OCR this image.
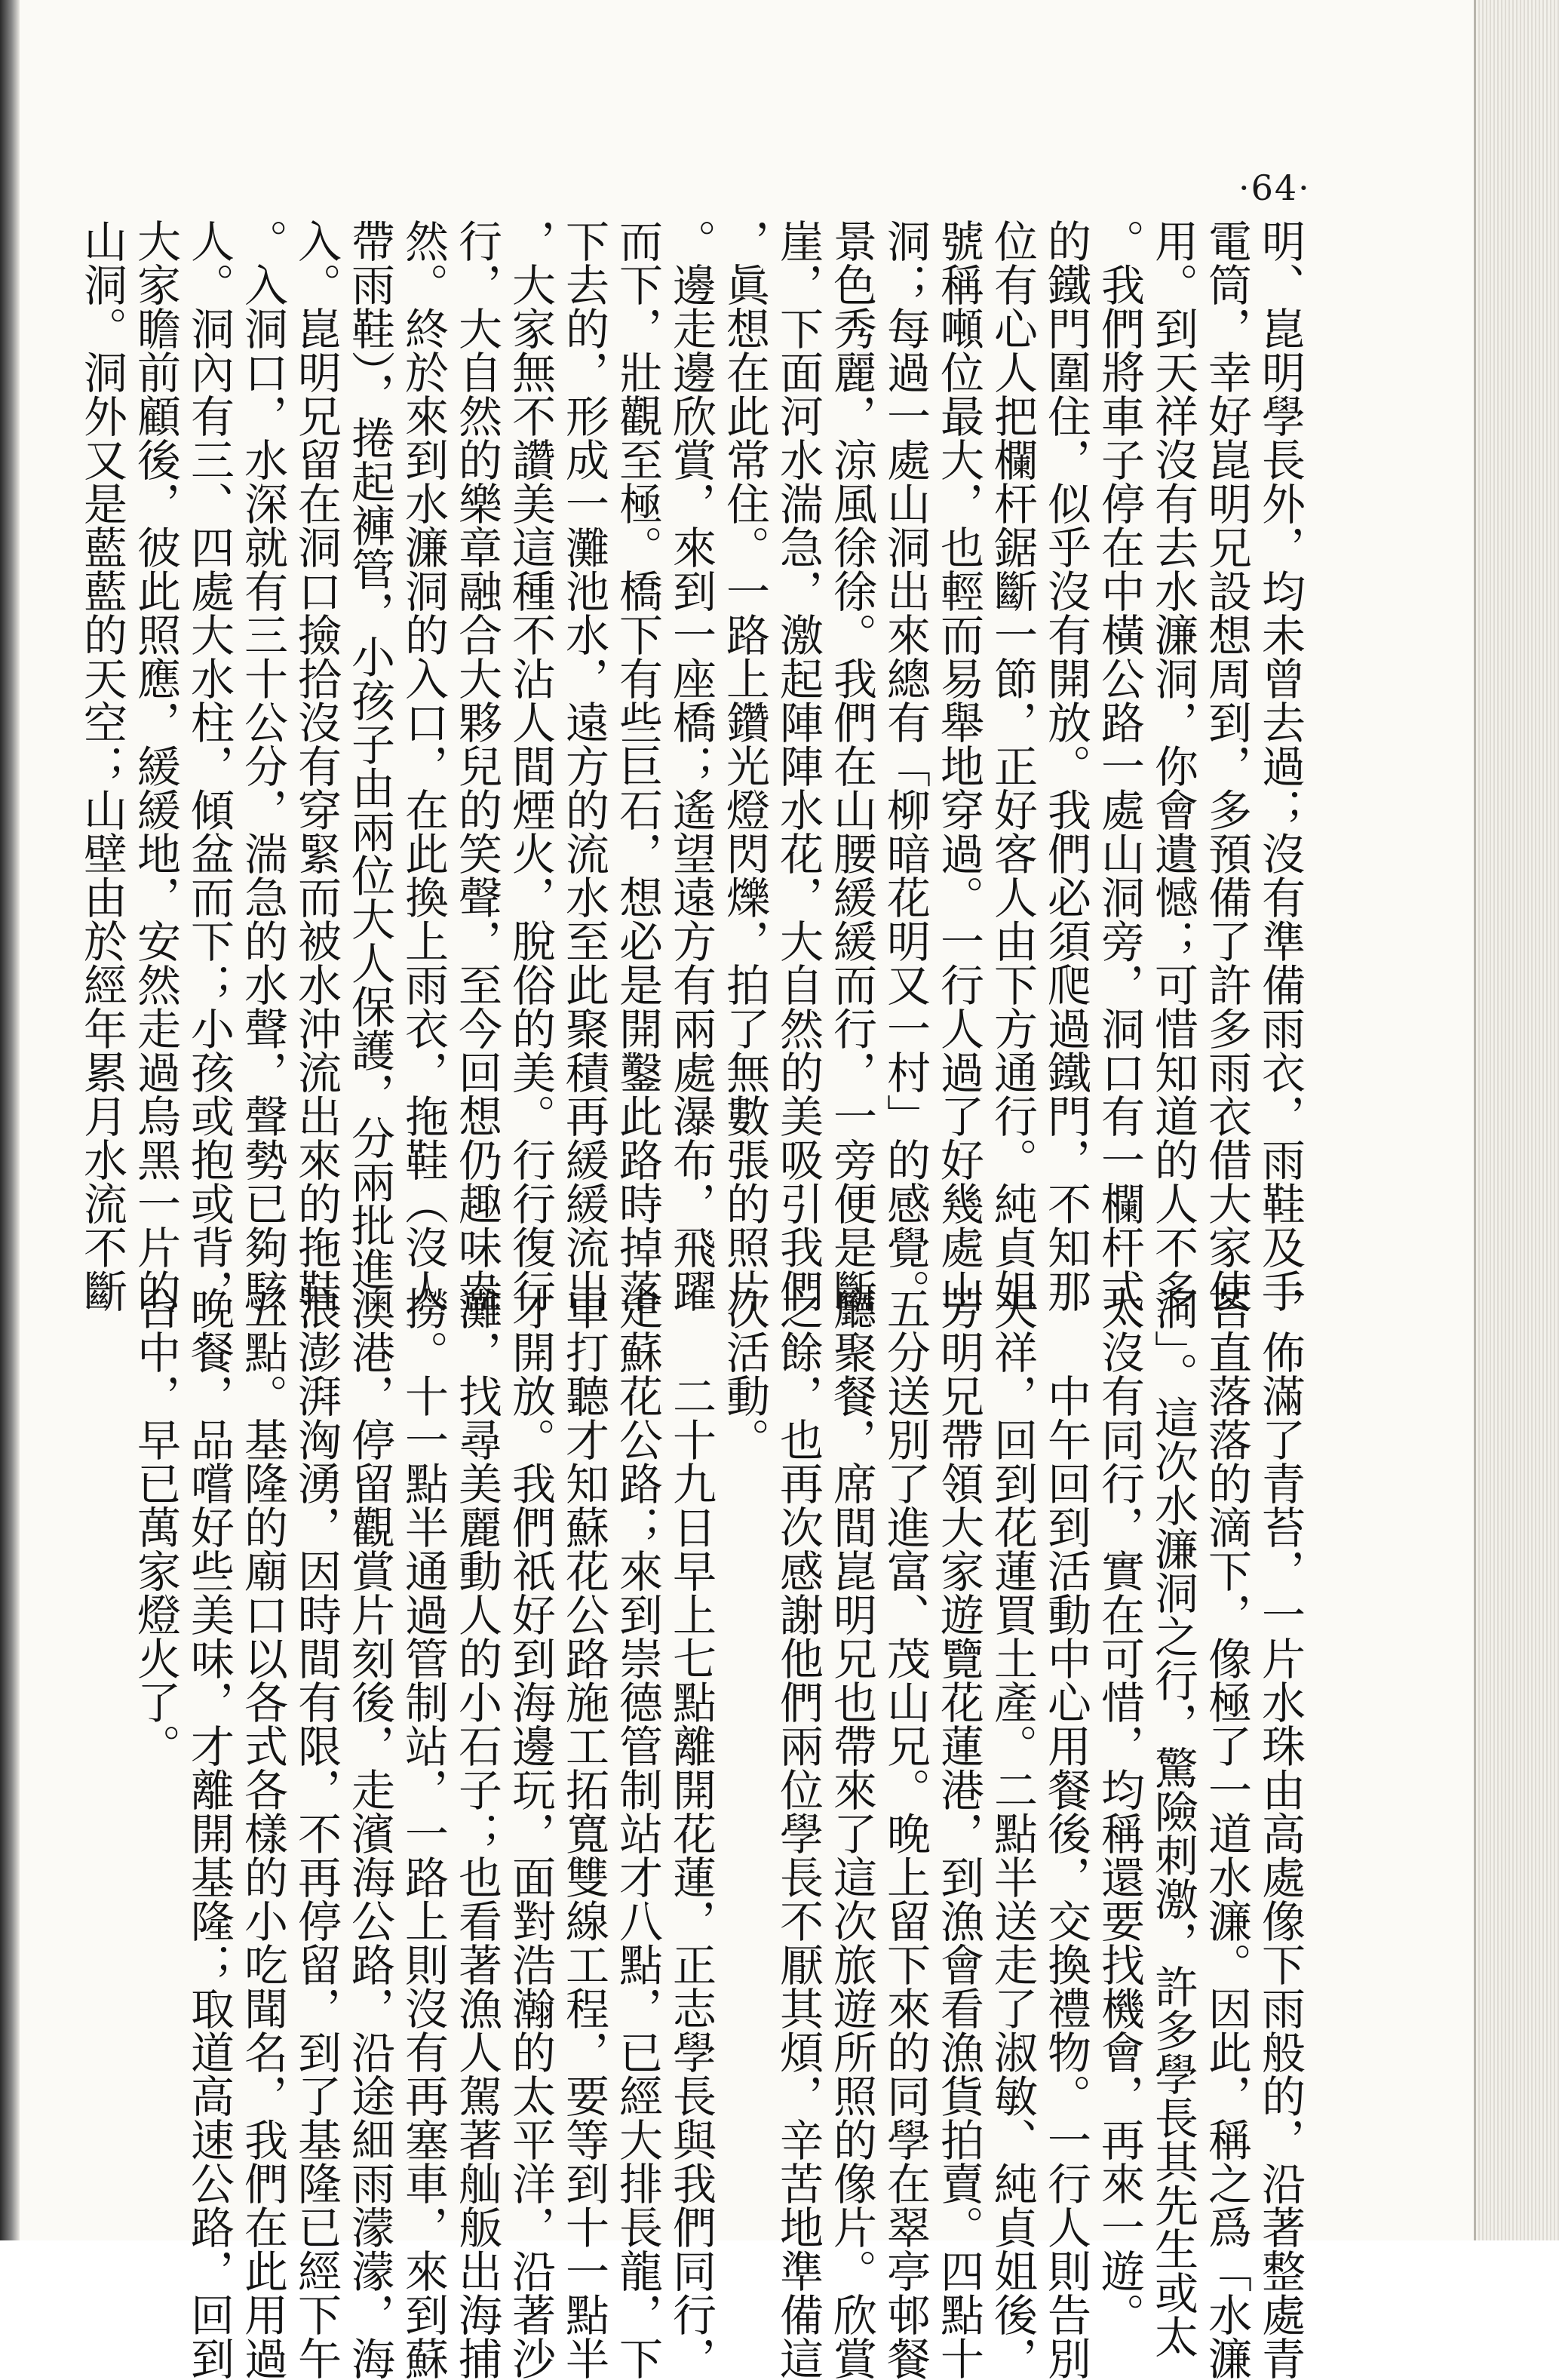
·64·
明、崑明學長外，均未曾去過；沒有準備雨衣，雨鞋及手
電筒，幸好崑明兄設想周到，多預備了許多雨衣借大家使
用。到天祥沒有去水濂洞，你會遺憾；可惜知道的人不多
。我們將車子停在中橫公路一處山洞旁，洞口有一欄杆式
的鐵門圍住，似乎沒有開放。我們必須爬過鐵門，不知那
位有心人把欄杆鋸斷一節，正好客人由下方通行。純貞姐
號稱噸位最大，也輕而易舉地穿過。一行人過了好幾處山
洞；每過一處山洞出來總有「柳暗花明又一村」的感覺。
景色秀麗，涼風徐徐。我們在山腰緩緩而行，一旁便是斷
崖，下面河水湍急，激起陣陣水花，大自然的美吸引我們
，眞想在此常住。一路上鑽光燈閃爍，拍了無數張的照片
。邊走邊欣賞，來到一座橋；遙望遠方有兩處瀑布，飛躍
而下，壯觀至極。橋下有些巨石，想必是開鑿此路時掉落
下去的，形成一灘池水，遠方的流水至此聚積再緩緩流出
，大家無不讚美這種不沾人間煙火，脫俗的美。行行復行
行，大自然的樂章融合大夥兒的笑聲，至今回想仍趣味盎
然。終於來到水濂洞的入口，在此換上雨衣，拖鞋（沒人
帶雨鞋），捲起褲管，小孩子由兩位大人保護，分兩批進
入。崑明兄留在洞口撿拾沒有穿緊而被水沖流出來的拖鞋
。入洞口，水深就有三十公分，湍急的水聲，聲勢已夠駭
人。洞內有三、四處大水柱，傾盆而下；小孩或抱或背，
大家瞻前顧後，彼此照應，緩緩地，安然走過烏黑一片的
山洞。洞外又是藍藍的天空；山壁由於經年累月水流不斷
，佈滿了青苔，一片水珠由高處像下雨般的，沿著整處青
苔直落落的滴下，像極了一道水濂。因此，稱之爲「水濂
洞」。這次水濂洞之行，驚險刺激，許多學長其先生或太
太沒有同行，實在可惜，均稱還要找機會，再來一遊。
　　中午回到活動中心用餐後，交換禮物。一行人則告別
天祥，回到花蓮買土產。二點半送走了淑敏、純貞姐後，
芳明兄帶領大家遊覽花蓮港，到漁會看漁貨拍賣。四點十
五分送別了進富、茂山兄。晚上留下來的同學在翠亭邨餐
廳聚餐，席間崑明兄也帶來了這次旅遊所照的像片。欣賞
之餘，也再次感謝他們兩位學長不厭其煩，辛苦地準備這
次活動。
　　二十九日早上七點離開花蓮，正志學長與我們同行，
走蘇花公路；來到崇德管制站才八點，已經大排長龍，下
車打聽才知蘇花公路施工拓寬雙線工程，要等到十一點半
才開放。我們祇好到海邊玩，面對浩瀚的太平洋，沿著沙
灘，找尋美麗動人的小石子；也看著漁人駕著舢舨出海捕
撈。十一點半通過管制站，一路上則沒有再塞車，來到蘇
澳港，停留觀賞片刻後，走濱海公路，沿途細雨濛濛，海
浪澎湃洶湧，因時間有限，不再停留，到了基隆已經下午
五點。基隆的廟口以各式各樣的小吃聞名，我們在此用過
晚餐，品嚐好些美味，才離開基隆；取道高速公路，回到
台中，早已萬家燈火了。
